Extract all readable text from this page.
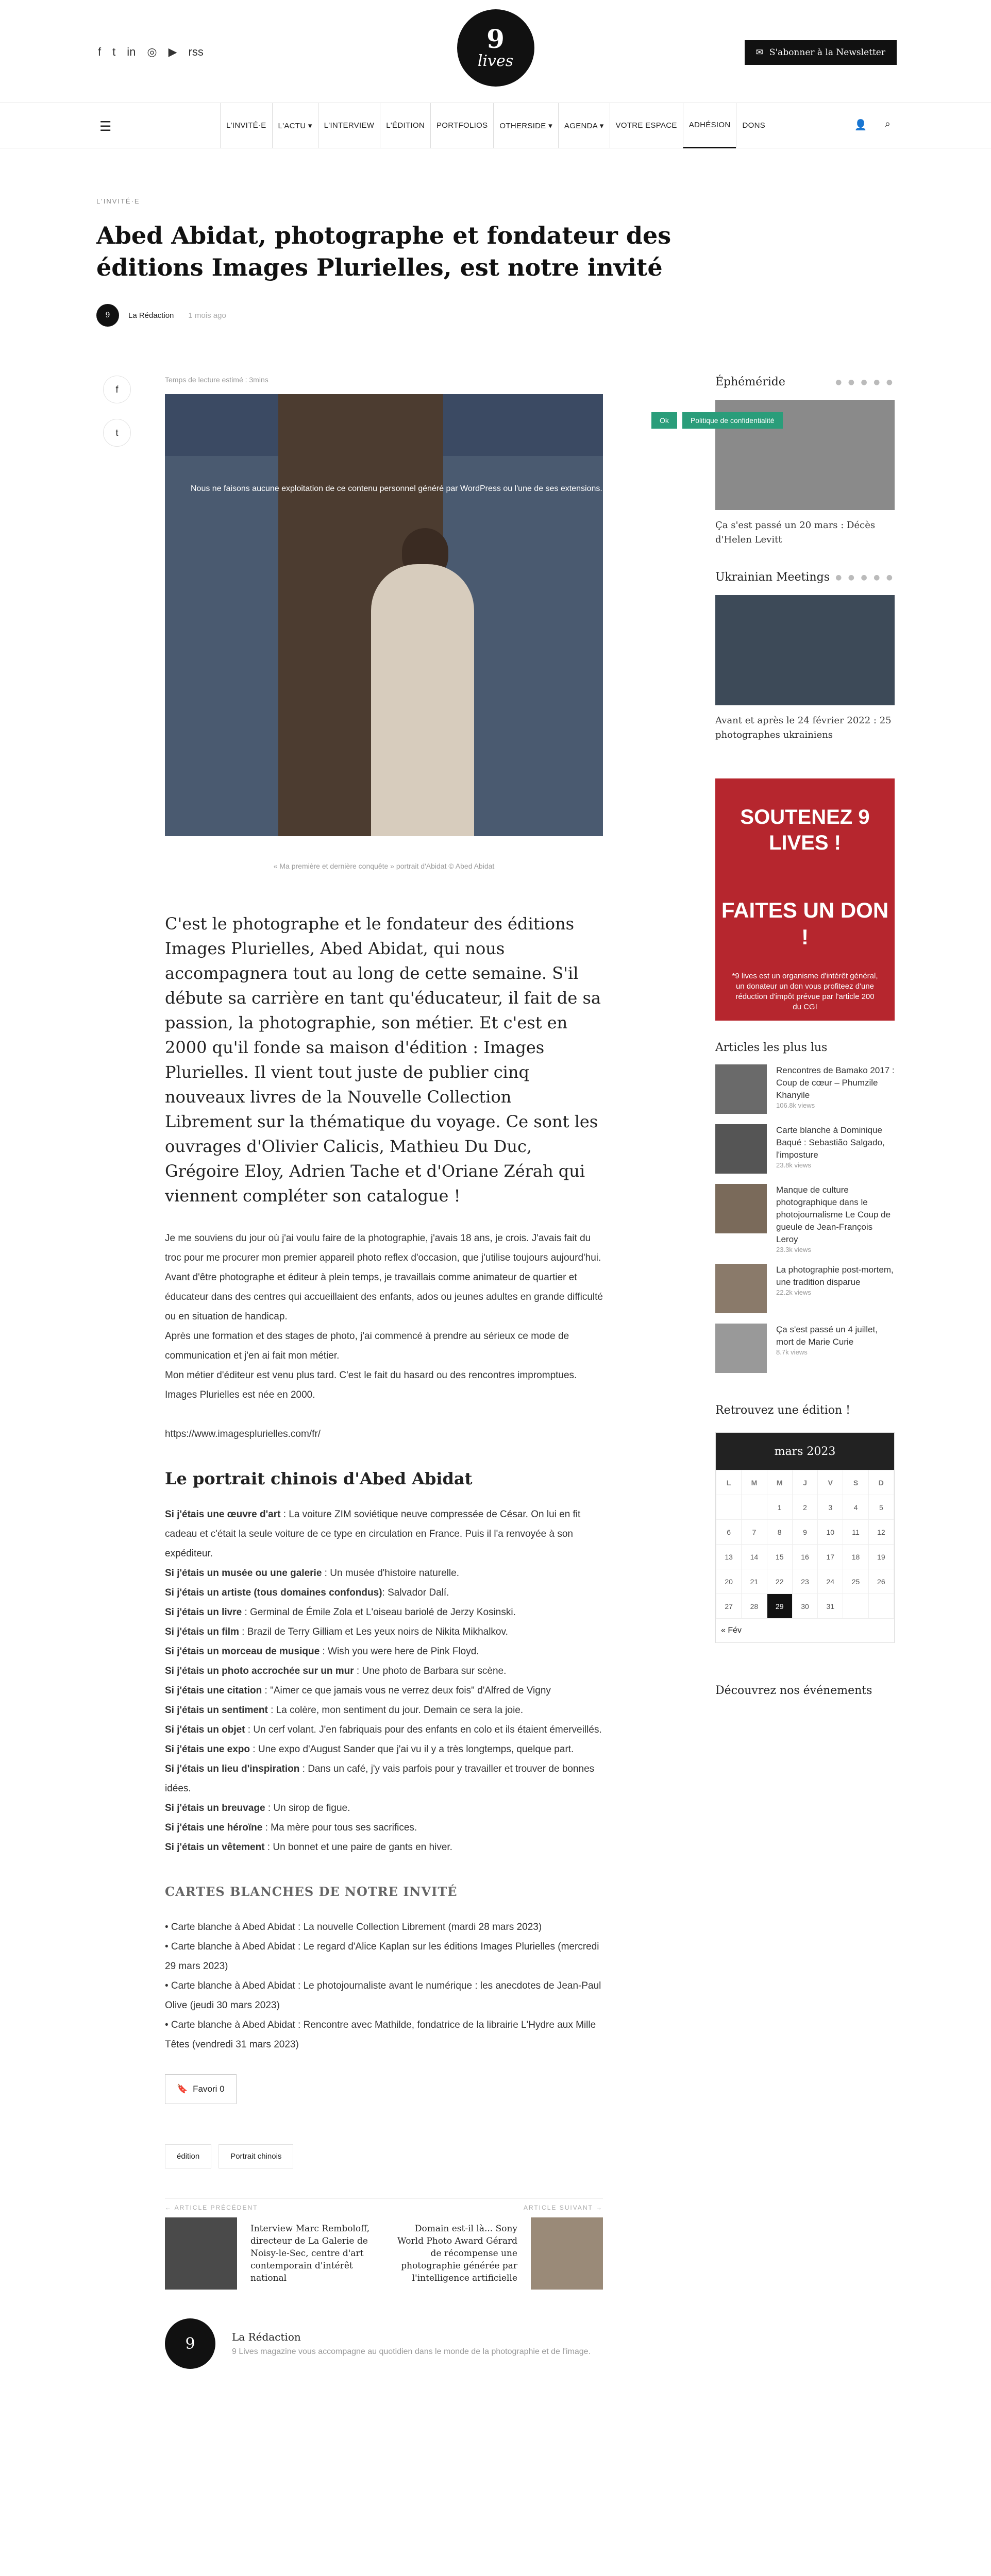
f t in ◎ ▶ rss	9
lives	✉ S'abonner à la Newsletter
☰	L'INVITÉ·E	L'ACTU ▾	L'INTERVIEW	L'ÉDITION	PORTFOLIOS	OTHERSIDE ▾	AGENDA ▾	VOTRE ESPACE	ADHÉSION	DONS	👤 ⌕
L'INVITÉ·E
Abed Abidat, photographe et fondateur des éditions Images Plurielles, est notre invité
9	La Rédaction 1 mois ago
f
t
Temps de lecture estimé : 3mins
Nous ne faisons aucune exploitation de ce contenu personnel généré par WordPress ou l'une de ses extensions.
« Ma première et dernière conquête » portrait d'Abidat © Abed Abidat

C'est le photographe et le fondateur des éditions Images Plurielles, Abed Abidat, qui nous accompagnera tout au long de cette semaine. S'il débute sa carrière en tant qu'éducateur, il fait de sa passion, la photographie, son métier. Et c'est en 2000 qu'il fonde sa maison d'édition : Images Plurielles. Il vient tout juste de publier cinq nouveaux livres de la Nouvelle Collection Librement sur la thématique du voyage. Ce sont les ouvrages d'Olivier Calicis, Mathieu Du Duc, Grégoire Eloy, Adrien Tache et d'Oriane Zérah qui viennent compléter son catalogue !

Je me souviens du jour où j'ai voulu faire de la photographie, j'avais 18 ans, je crois. J'avais fait du troc pour me procurer mon premier appareil photo reflex d'occasion, que j'utilise toujours aujourd'hui.

Avant d'être photographe et éditeur à plein temps, je travaillais comme animateur de quartier et éducateur dans des centres qui accueillaient des enfants, ados ou jeunes adultes en grande difficulté ou en situation de handicap.

Après une formation et des stages de photo, j'ai commencé à prendre au sérieux ce mode de communication et j'en ai fait mon métier.

Mon métier d'éditeur est venu plus tard. C'est le fait du hasard ou des rencontres impromptues.

Images Plurielles est née en 2000.

https://www.imagesplurielles.com/fr/

Le portrait chinois d'Abed Abidat

Si j'étais une œuvre d'art : La voiture ZIM soviétique neuve compressée de César. On lui en fit cadeau et c'était la seule voiture de ce type en circulation en France. Puis il l'a renvoyée à son expéditeur.

Si j'étais un musée ou une galerie : Un musée d'histoire naturelle.

Si j'étais un artiste (tous domaines confondus): Salvador Dalí.

Si j'étais un livre : Germinal de Émile Zola et L'oiseau bariolé de Jerzy Kosinski.

Si j'étais un film : Brazil de Terry Gilliam et Les yeux noirs de Nikita Mikhalkov.

Si j'étais un morceau de musique : Wish you were here de Pink Floyd.

Si j'étais un photo accrochée sur un mur : Une photo de Barbara sur scène.

Si j'étais une citation : "Aimer ce que jamais vous ne verrez deux fois" d'Alfred de Vigny

Si j'étais un sentiment : La colère, mon sentiment du jour. Demain ce sera la joie.

Si j'étais un objet : Un cerf volant. J'en fabriquais pour des enfants en colo et ils étaient émerveillés.

Si j'étais une expo : Une expo d'August Sander que j'ai vu il y a très longtemps, quelque part.

Si j'étais un lieu d'inspiration : Dans un café, j'y vais parfois pour y travailler et trouver de bonnes idées.

Si j'étais un breuvage : Un sirop de figue.

Si j'étais une héroïne : Ma mère pour tous ses sacrifices.

Si j'étais un vêtement : Un bonnet et une paire de gants en hiver.

CARTES BLANCHES DE NOTRE INVITÉ

• Carte blanche à Abed Abidat : La nouvelle Collection Librement (mardi 28 mars 2023)

• Carte blanche à Abed Abidat : Le regard d'Alice Kaplan sur les éditions Images Plurielles (mercredi 29 mars 2023)

• Carte blanche à Abed Abidat : Le photojournaliste avant le numérique : les anecdotes de Jean-Paul Olive (jeudi 30 mars 2023)

• Carte blanche à Abed Abidat : Rencontre avec Mathilde, fondatrice de la librairie L'Hydre aux Mille Têtes (vendredi 31 mars 2023)

🔖 Favori 0
édition	Portrait chinois
← ARTICLE PRÉCÉDENT
Interview Marc Remboloff, directeur de La Galerie de Noisy-le-Sec, centre d'art contemporain d'intérêt national
ARTICLE SUIVANT →
Domain est-il là... Sony World Photo Award Gérard de récompense une photographie générée par l'intelligence artificielle
9	La Rédaction
9 Lives magazine vous accompagne au quotidien dans le monde de la photographie et de l'image.
Éphéméride	● ● ● ● ●
Ça s'est passé un 20 mars : Décès d'Helen Levitt
Ukrainian Meetings ● ● ● ● ●
Avant et après le 24 février 2022 : 25 photographes ukrainiens
SOUTENEZ 9 LIVES !
FAITES UN DON !
*9 lives est un organisme d'intérêt général, un donateur un don vous profiteez d'une réduction d'impôt prévue par l'article 200 du CGI
Articles les plus lus
Rencontres de Bamako 2017 : Coup de cœur – Phumzile Khanyile
106.8k views
Carte blanche à Dominique Baqué : Sebastião Salgado, l'imposture
23.8k views
Manque de culture photographique dans le photojournalisme Le Coup de gueule de Jean-François Leroy
23.3k views
La photographie post-mortem, une tradition disparue
22.2k views
Ça s'est passé un 4 juillet, mort de Marie Curie
8.7k views
Retrouvez une édition !
mars 2023
L	M	M	J	V	S	D
		1	2	3	4	5
6	7	8	9	10	11	12
13	14	15	16	17	18	19
20	21	22	23	24	25	26
27	28	29	30	31		
« Fév
Découvrez nos événements
Ok	Politique de confidentialité
